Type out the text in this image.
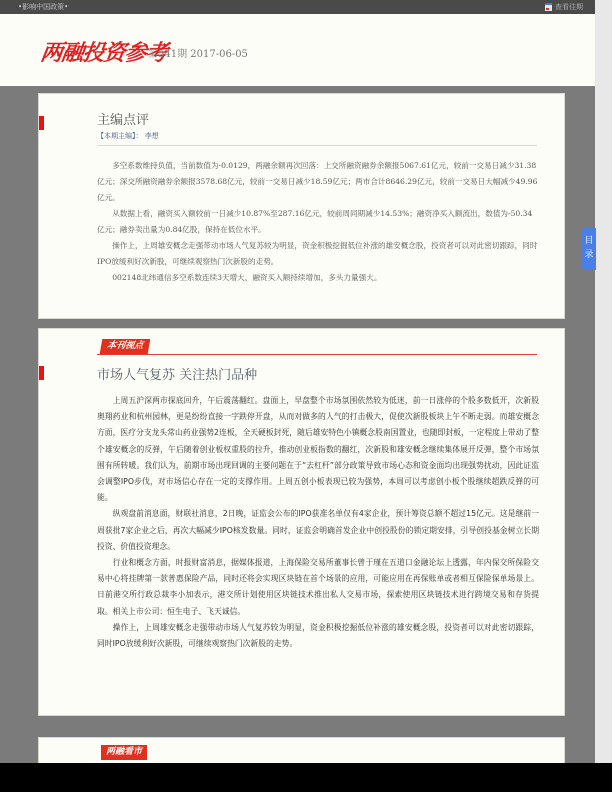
•影响中国政策•	查看往期
两融投资参考
第541期 2017-06-05
主编点评
【本期主编】： 李想

多空系数维持负值，当前数值为-0.0129，两融余额再次回落：上交所融资融券余额报5067.61亿元，较前一交易日减少31.38亿元；深交所融资融券余额报3578.68亿元，较前一交易日减少18.59亿元；两市合计8646.29亿元，较前一交易日大幅减少49.96亿元。

从数据上看，融资买入额较前一日减少10.87%至287.16亿元，较前周同期减少14.53%；融资净买入额流出，数值为-50.34亿元；融券卖出量为0.84亿股，保持在低位水平。

操作上，上周雄安概念走强带动市场人气复苏较为明显，资金积极挖掘低位补涨的雄安概念股，投资者可以对此密切跟踪，同时IPO放缓利好次新股，可继续观察热门次新股的走势。

002148北纬通信多空系数连续3天增大，融资买入额持续增加，多头力量强大。

本刊视点
市场人气复苏 关注热门品种

上周五沪深两市探底回升，午后震荡翻红。盘面上，早盘整个市场氛围依然较为低迷，前一日涨停的个股多数低开，次新股奥翔药业和杭州园林，更是纷纷直接一字跌停开盘，从而对做多的人气的打击极大，促使次新股板块上午不断走弱。而雄安概念方面，医疗分支龙头常山药业强势2连板，全天硬板封死，随后雄安特色小镇概念股南国置业，也随即封板，一定程度上带动了整个雄安概念的反弹，午后随着创业板权重股的拉升，推动创业板指数的翻红，次新股和雄安概念继续集体展开反弹，整个市场氛围有所转暖。我们认为，前期市场出现回调的主要问题在于“去杠杆”部分政策导致市场心态和资金面均出现强势扰动，因此证监会调整IPO步伐，对市场信心存在一定的支撑作用。上周五创小板表现已较为强势，本周可以考虑创小板个股继续超跌反弹的可能。

纵观盘前消息面，财联社消息，2日晚，证监会公布的IPO获准名单仅有4家企业，预计筹资总额不超过15亿元。这是继前一周获批7家企业之后，再次大幅减少IPO核发数量。同时，证监会明确首发企业中创投股份的锁定期安排，引导创投基金树立长期投资、价值投资理念。

行业和概念方面，时报财富消息，据媒体报道，上海保险交易所董事长曾于瑾在五道口金融论坛上透露，年内保交所保险交易中心将挂牌第一款普惠保险产品，同时还将会实现区块链在首个场景的应用，可能应用在再保账单或者相互保险保单场景上。日前港交所行政总裁李小加表示，港交所计划使用区块链技术推出私人交易市场，探索使用区块链技术进行跨境交易和存货提取。相关上市公司：恒生电子、飞天诚信。

操作上，上周雄安概念走强带动市场人气复苏较为明显，资金积极挖掘低位补涨的雄安概念股，投资者可以对此密切跟踪，同时IPO放缓利好次新股，可继续观察热门次新股的走势。

两融看市
目
录
